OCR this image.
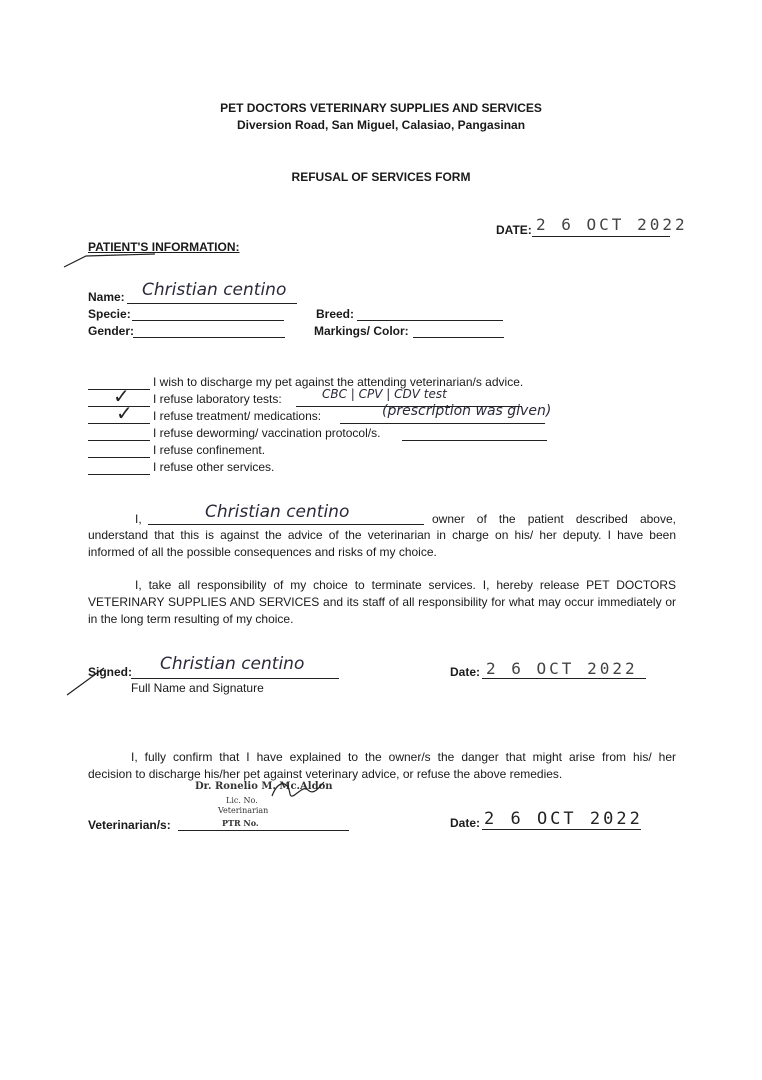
PET DOCTORS VETERINARY SUPPLIES AND SERVICES
Diversion Road, San Miguel, Calasiao, Pangasinan
REFUSAL OF SERVICES FORM
DATE: 2 6 OCT 2022
PATIENT'S INFORMATION:
Name: Christian centino
Specie:	Breed:
Gender:	Markings/ Color:
I wish to discharge my pet against the attending veterinarian/s advice.
I refuse laboratory tests:	CBC | CPV | CDV test
✓
I refuse treatment/ medications:	(prescription was given)
✓
I refuse deworming/ vaccination protocol/s.
I refuse confinement.
I refuse other services.
I,	Christian centino	owner of the patient described above,
understand that this is against the advice of the veterinarian in charge on his/ her deputy. I have been
informed of all the possible consequences and risks of my choice.
I, take all responsibility of my choice to terminate services. I, hereby release PET DOCTORS
VETERINARY SUPPLIES AND SERVICES and its staff of all responsibility for what may occur immediately or
in the long term resulting of my choice.
Signed: Christian centino
Full Name and Signature
Date: 2 6 OCT 2022
I, fully confirm that I have explained to the owner/s the danger that might arise from his/ her
decision to discharge his/her pet against veterinary advice, or refuse the above remedies.
Dr. Ronelio M. Mc.Aldon
Lic. No.
Veterinarian
PTR No.
Veterinarian/s:	Date: 2 6 OCT 2022
